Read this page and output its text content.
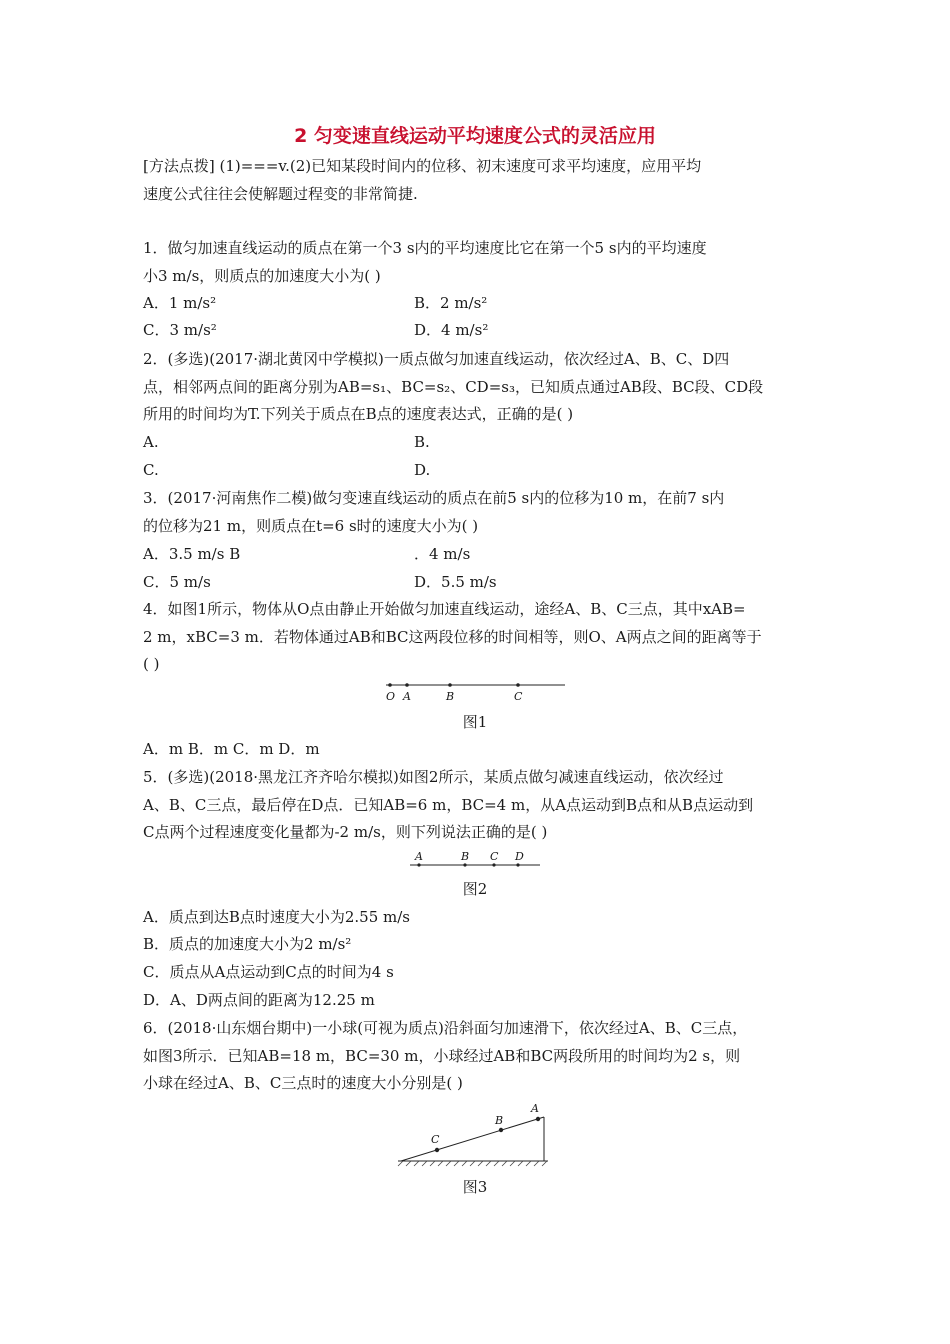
2 匀变速直线运动平均速度公式的灵活应用
[方法点拨] (1)===v.(2)已知某段时间内的位移、初末速度可求平均速度，应用平均
速度公式往往会使解题过程变的非常简捷.
1．做匀加速直线运动的质点在第一个3 s内的平均速度比它在第一个5 s内的平均速度
小3 m/s，则质点的加速度大小为( )
A．1 m/s²	B．2 m/s²
C．3 m/s²	D．4 m/s²
2．(多选)(2017·湖北黄冈中学模拟)一质点做匀加速直线运动，依次经过A、B、C、D四
点，相邻两点间的距离分别为AB=s₁、BC=s₂、CD=s₃，已知质点通过AB段、BC段、CD段
所用的时间均为T.下列关于质点在B点的速度表达式，正确的是( )
A.	B.
C.	D.
3．(2017·河南焦作二模)做匀变速直线运动的质点在前5 s内的位移为10 m，在前7 s内
的位移为21 m，则质点在t=6 s时的速度大小为( )
A．3.5 m/s B	．4 m/s
C．5 m/s	D．5.5 m/s
4．如图1所示，物体从O点由静止开始做匀加速直线运动，途经A、B、C三点，其中xAB=
2 m，xBC=3 m．若物体通过AB和BC这两段位移的时间相等，则O、A两点之间的距离等于
( )
O A	B	C
图1
A．m B．m C．m D．m
5．(多选)(2018·黑龙江齐齐哈尔模拟)如图2所示，某质点做匀减速直线运动，依次经过
A、B、C三点，最后停在D点．已知AB=6 m，BC=4 m，从A点运动到B点和从B点运动到
C点两个过程速度变化量都为-2 m/s，则下列说法正确的是( )
A	B C D
图2
A．质点到达B点时速度大小为2.55 m/s
B．质点的加速度大小为2 m/s²
C．质点从A点运动到C点的时间为4 s
D．A、D两点间的距离为12.25 m
6．(2018·山东烟台期中)一小球(可视为质点)沿斜面匀加速滑下，依次经过A、B、C三点，
如图3所示．已知AB=18 m，BC=30 m，小球经过AB和BC两段所用的时间均为2 s，则
小球在经过A、B、C三点时的速度大小分别是( )
C
B
A
图3
